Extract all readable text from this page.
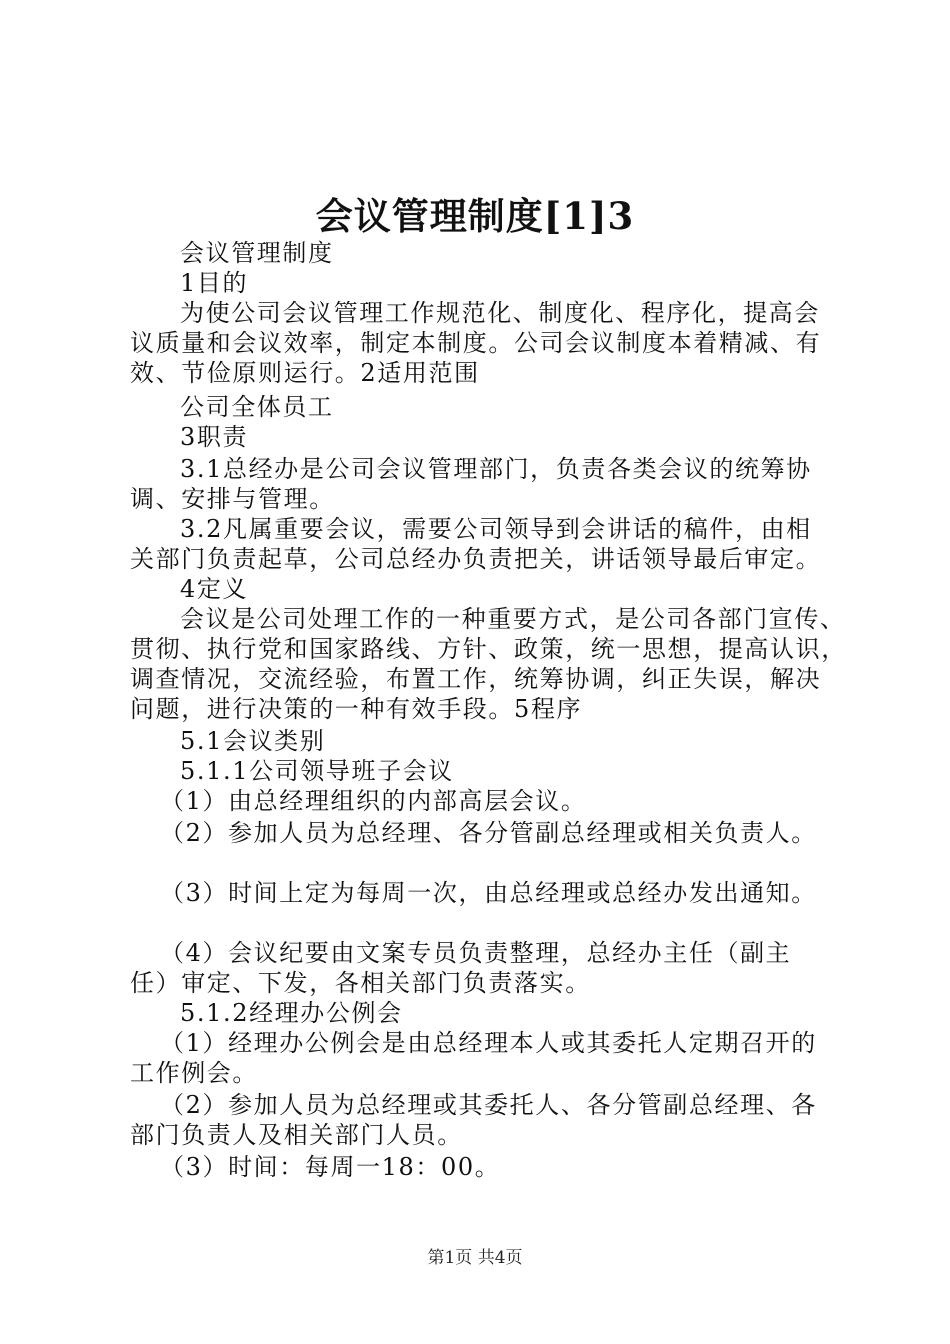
会议管理制度[1]3
会议管理制度
1目的
为使公司会议管理工作规范化、制度化、程序化，提高会
议质量和会议效率，制定本制度。公司会议制度本着精减、有
效、节俭原则运行。2适用范围
公司全体员工
3职责
3.1总经办是公司会议管理部门，负责各类会议的统筹协
调、安排与管理。
3.2凡属重要会议，需要公司领导到会讲话的稿件，由相
关部门负责起草，公司总经办负责把关，讲话领导最后审定。
4定义
会议是公司处理工作的一种重要方式，是公司各部门宣传、
贯彻、执行党和国家路线、方针、政策，统一思想，提高认识，
调查情况，交流经验，布置工作，统筹协调，纠正失误，解决
问题，进行决策的一种有效手段。5程序
5.1会议类别
5.1.1公司领导班子会议
（1）由总经理组织的内部高层会议。
（2）参加人员为总经理、各分管副总经理或相关负责人。
（3）时间上定为每周一次，由总经理或总经办发出通知。
（4）会议纪要由文案专员负责整理，总经办主任（副主
任）审定、下发，各相关部门负责落实。
5.1.2经理办公例会
（1）经理办公例会是由总经理本人或其委托人定期召开的
工作例会。
（2）参加人员为总经理或其委托人、各分管副总经理、各
部门负责人及相关部门人员。
（3）时间：每周一18：00。
第1页 共4页
